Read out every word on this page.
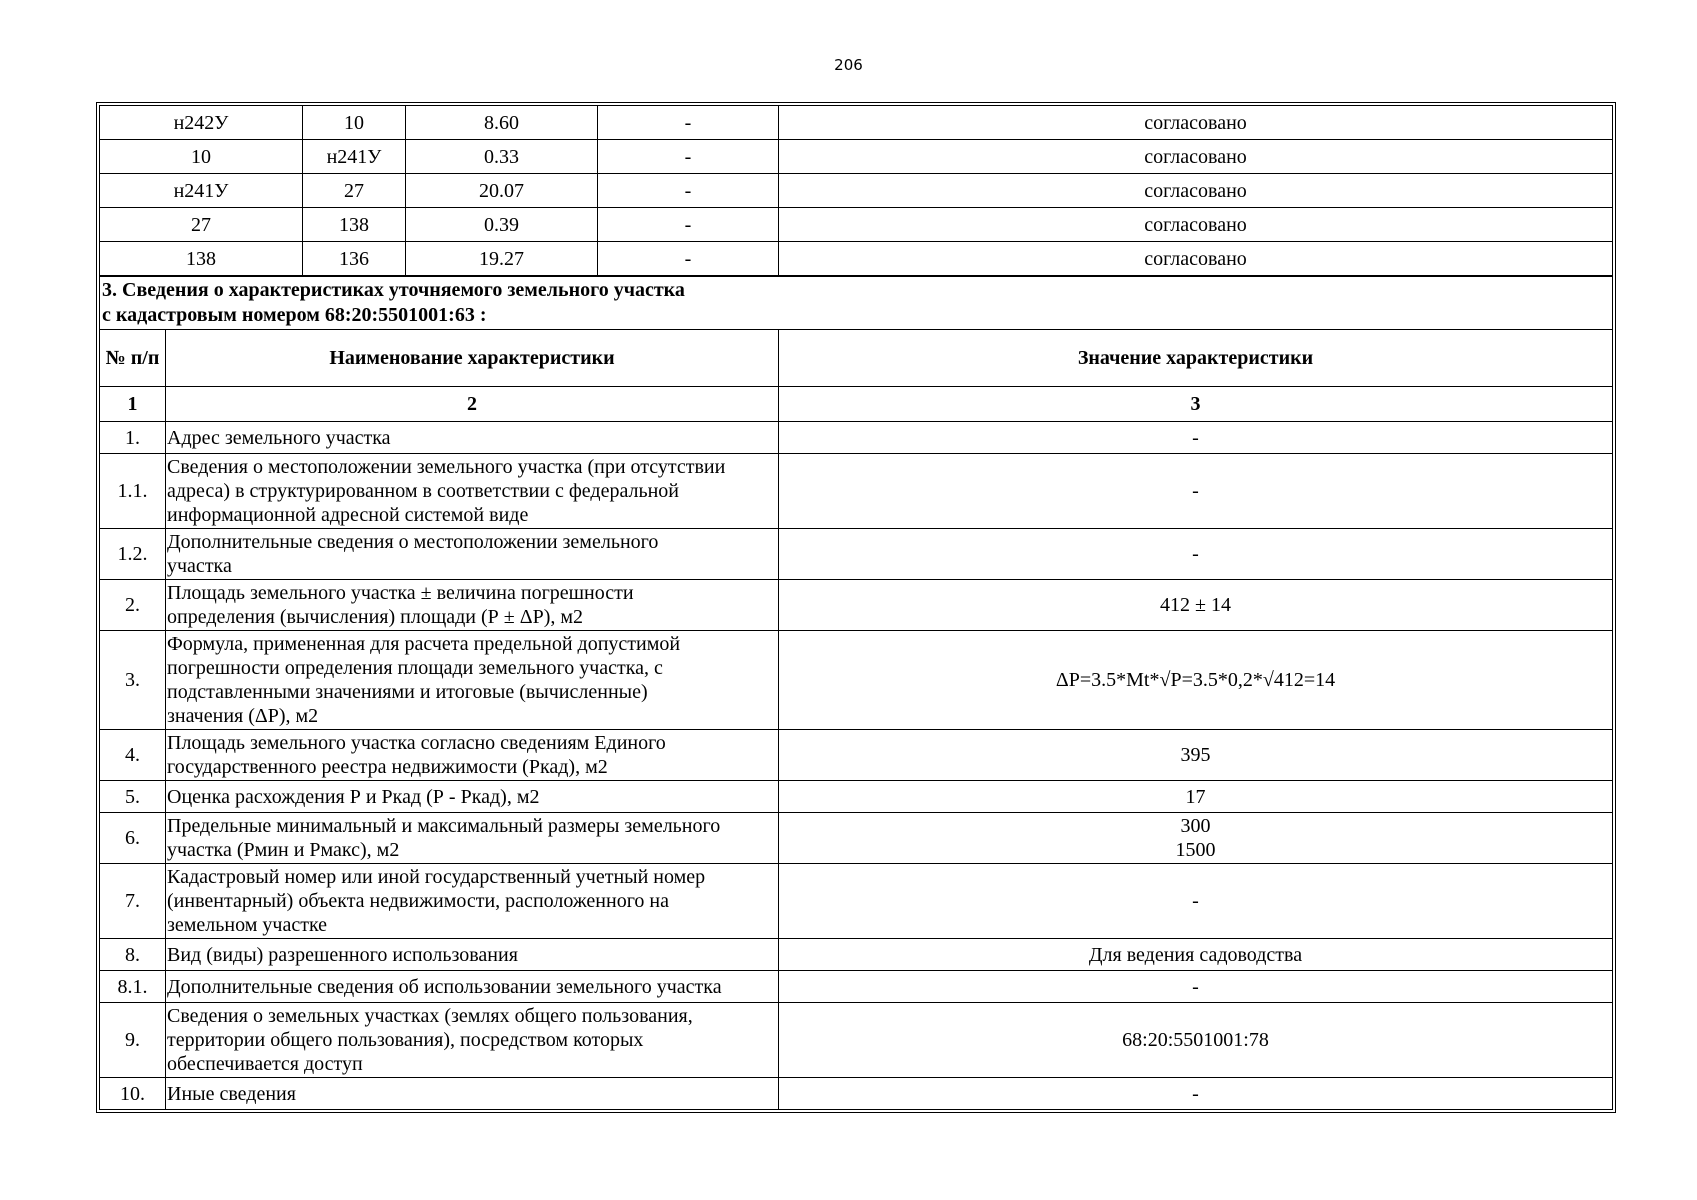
206
н242У	10	8.60	-	согласовано
10	н241У	0.33	-	согласовано
н241У	27	20.07	-	согласовано
27	138	0.39	-	согласовано
138	136	19.27	-	согласовано
3. Сведения о характеристиках уточняемого земельного участка
с кадастровым номером 68:20:5501001:63 :		

№ п/п	Наименование характеристики	Значение характеристики
1	2	3
1.	Адрес земельного участка	-
1.1.	Сведения о местоположении земельного участка (при отсутствии
адреса) в структурированном в соответствии с федеральной
информационной адресной системой виде	-
1.2.	Дополнительные сведения о местоположении земельного
участка	-
2.	Площадь земельного участка ± величина погрешности
определения (вычисления) площади (Р ± ΔР), м2	412 ± 14
3.	Формула, примененная для расчета предельной допустимой
погрешности определения площади земельного участка, с
подставленными значениями и итоговые (вычисленные)
значения (ΔР), м2	ΔР=3.5*Mt*√Р=3.5*0,2*√412=14
4.	Площадь земельного участка согласно сведениям Единого
государственного реестра недвижимости (Ркад), м2	395
5.	Оценка расхождения Р и Ркад (Р - Ркад), м2	17
6.	Предельные минимальный и максимальный размеры земельного
участка (Рмин и Рмакс), м2	300
1500
7.	Кадастровый номер или иной государственный учетный номер
(инвентарный) объекта недвижимости, расположенного на
земельном участке	-
8.	Вид (виды) разрешенного использования	Для ведения садоводства
8.1.	Дополнительные сведения об использовании земельного участка	-
9.	Сведения о земельных участках (землях общего пользования,
территории общего пользования), посредством которых
обеспечивается доступ	68:20:5501001:78
10.	Иные сведения	-
